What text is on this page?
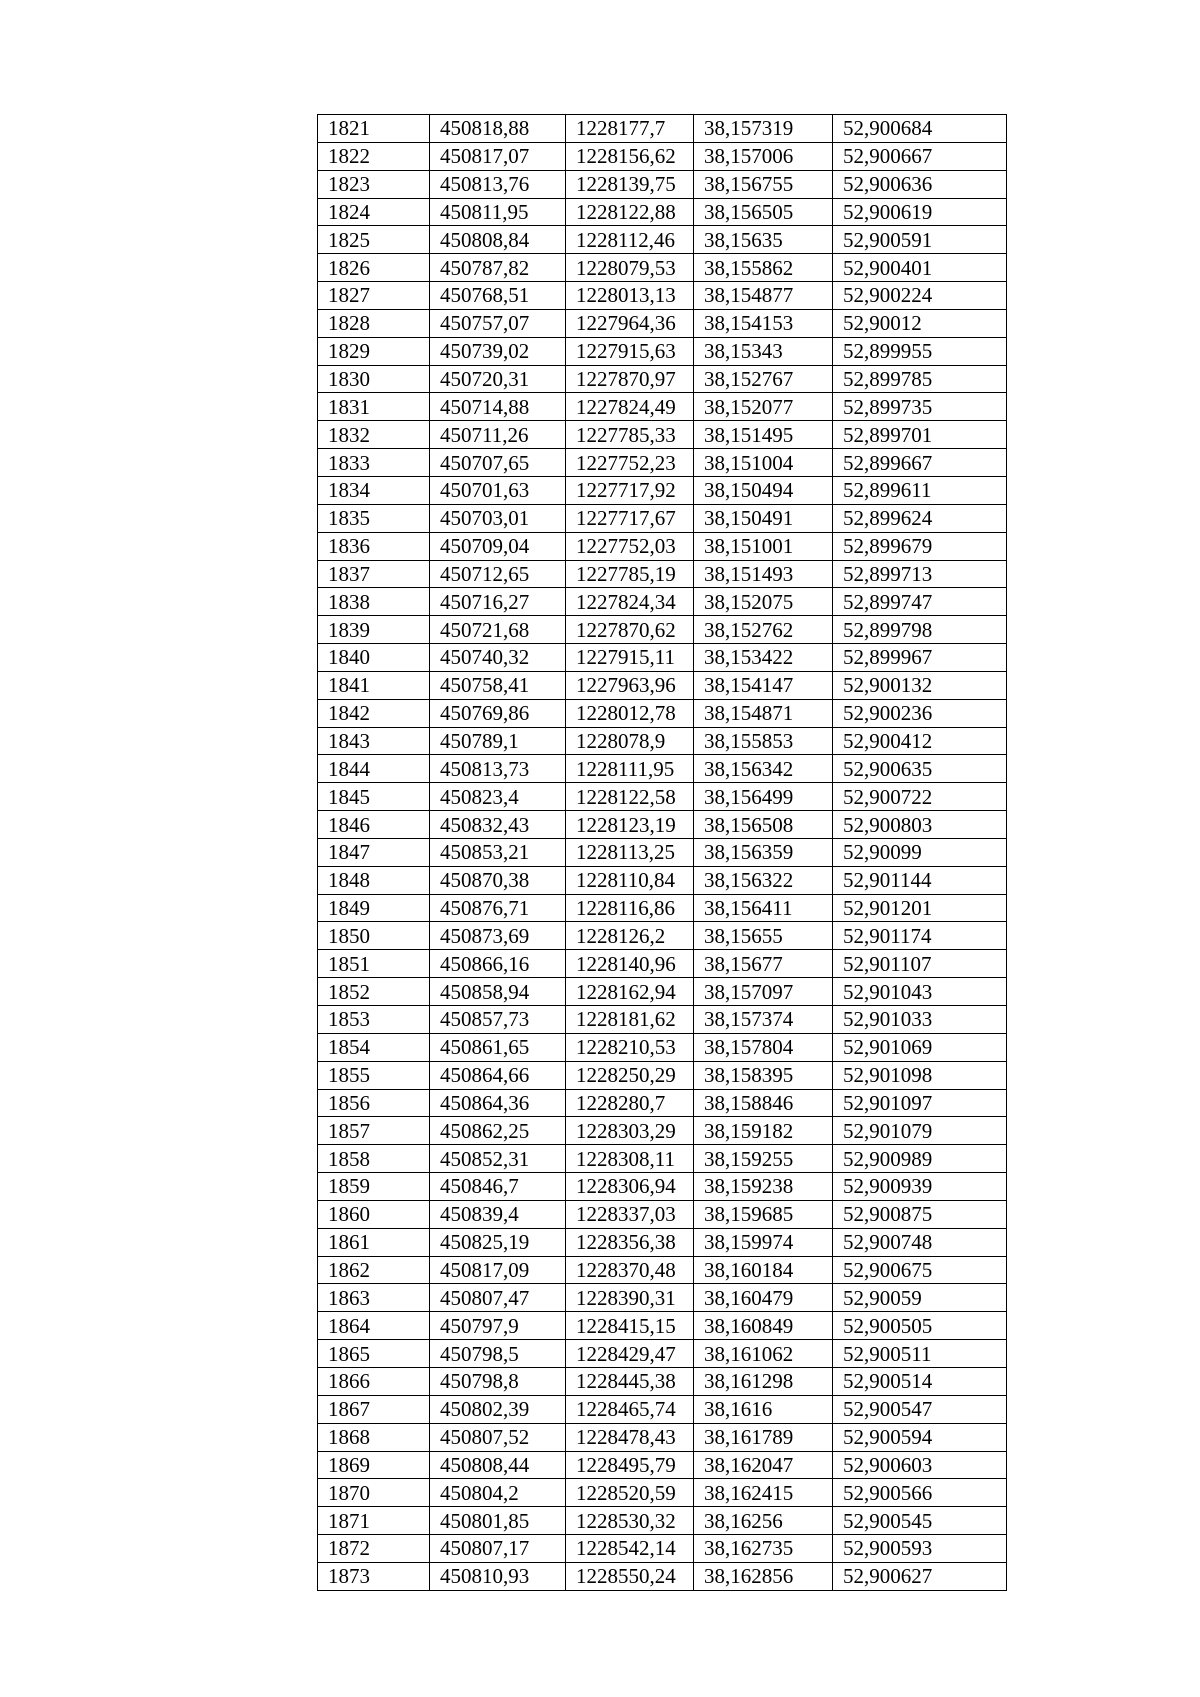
1821	450818,88	1228177,7	38,157319	52,900684
1822	450817,07	1228156,62	38,157006	52,900667
1823	450813,76	1228139,75	38,156755	52,900636
1824	450811,95	1228122,88	38,156505	52,900619
1825	450808,84	1228112,46	38,15635	52,900591
1826	450787,82	1228079,53	38,155862	52,900401
1827	450768,51	1228013,13	38,154877	52,900224
1828	450757,07	1227964,36	38,154153	52,90012
1829	450739,02	1227915,63	38,15343	52,899955
1830	450720,31	1227870,97	38,152767	52,899785
1831	450714,88	1227824,49	38,152077	52,899735
1832	450711,26	1227785,33	38,151495	52,899701
1833	450707,65	1227752,23	38,151004	52,899667
1834	450701,63	1227717,92	38,150494	52,899611
1835	450703,01	1227717,67	38,150491	52,899624
1836	450709,04	1227752,03	38,151001	52,899679
1837	450712,65	1227785,19	38,151493	52,899713
1838	450716,27	1227824,34	38,152075	52,899747
1839	450721,68	1227870,62	38,152762	52,899798
1840	450740,32	1227915,11	38,153422	52,899967
1841	450758,41	1227963,96	38,154147	52,900132
1842	450769,86	1228012,78	38,154871	52,900236
1843	450789,1	1228078,9	38,155853	52,900412
1844	450813,73	1228111,95	38,156342	52,900635
1845	450823,4	1228122,58	38,156499	52,900722
1846	450832,43	1228123,19	38,156508	52,900803
1847	450853,21	1228113,25	38,156359	52,90099
1848	450870,38	1228110,84	38,156322	52,901144
1849	450876,71	1228116,86	38,156411	52,901201
1850	450873,69	1228126,2	38,15655	52,901174
1851	450866,16	1228140,96	38,15677	52,901107
1852	450858,94	1228162,94	38,157097	52,901043
1853	450857,73	1228181,62	38,157374	52,901033
1854	450861,65	1228210,53	38,157804	52,901069
1855	450864,66	1228250,29	38,158395	52,901098
1856	450864,36	1228280,7	38,158846	52,901097
1857	450862,25	1228303,29	38,159182	52,901079
1858	450852,31	1228308,11	38,159255	52,900989
1859	450846,7	1228306,94	38,159238	52,900939
1860	450839,4	1228337,03	38,159685	52,900875
1861	450825,19	1228356,38	38,159974	52,900748
1862	450817,09	1228370,48	38,160184	52,900675
1863	450807,47	1228390,31	38,160479	52,90059
1864	450797,9	1228415,15	38,160849	52,900505
1865	450798,5	1228429,47	38,161062	52,900511
1866	450798,8	1228445,38	38,161298	52,900514
1867	450802,39	1228465,74	38,1616	52,900547
1868	450807,52	1228478,43	38,161789	52,900594
1869	450808,44	1228495,79	38,162047	52,900603
1870	450804,2	1228520,59	38,162415	52,900566
1871	450801,85	1228530,32	38,16256	52,900545
1872	450807,17	1228542,14	38,162735	52,900593
1873	450810,93	1228550,24	38,162856	52,900627
